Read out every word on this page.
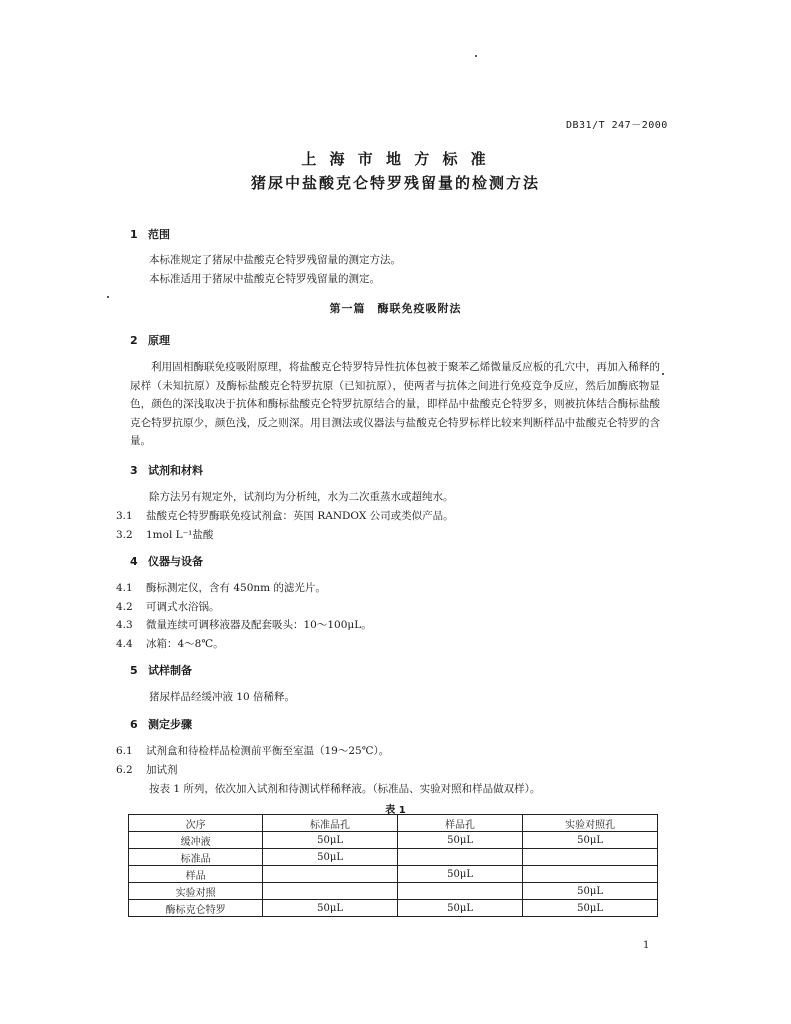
DB31/T 247－2000
上 海 市 地 方 标 准
猪尿中盐酸克仑特罗残留量的检测方法
1 范围
本标准规定了猪尿中盐酸克仑特罗残留量的测定方法。
本标准适用于猪尿中盐酸克仑特罗残留量的测定。
第一篇　酶联免疫吸附法
2 原理
利用固相酶联免疫吸附原理，将盐酸克仑特罗特异性抗体包被于聚苯乙烯微量反应板的孔穴中，再加入稀释的尿样（未知抗原）及酶标盐酸克仑特罗抗原（已知抗原），使两者与抗体之间进行免疫竞争反应，然后加酶底物显色，颜色的深浅取决于抗体和酶标盐酸克仑特罗抗原结合的量，即样品中盐酸克仑特罗多，则被抗体结合酶标盐酸克仑特罗抗原少，颜色浅，反之则深。用目测法或仪器法与盐酸克仑特罗标样比较来判断样品中盐酸克仑特罗的含量。
3 试剂和材料
除方法另有规定外，试剂均为分析纯，水为二次重蒸水或超纯水。
3.1 盐酸克仑特罗酶联免疫试剂盒：英国 RANDOX 公司或类似产品。
3.2 1mol L⁻¹盐酸
4 仪器与设备
4.1 酶标测定仪，含有 450nm 的滤光片。
4.2 可调式水浴锅。
4.3 微量连续可调移液器及配套吸头：10～100μL。
4.4 冰箱：4～8℃。
5 试样制备
猪尿样品经缓冲液 10 倍稀释。
6 测定步骤
6.1 试剂盒和待检样品检测前平衡至室温（19～25℃）。
6.2 加试剂
按表 1 所列，依次加入试剂和待测试样稀释液。（标准品、实验对照和样品做双样）。
表 1
次序	标准品孔	样品孔	实验对照孔
缓冲液	50μL	50μL	50μL
标准品	50μL		
样品		50μL	
实验对照			50μL
酶标克仑特罗	50μL	50μL	50μL
1
